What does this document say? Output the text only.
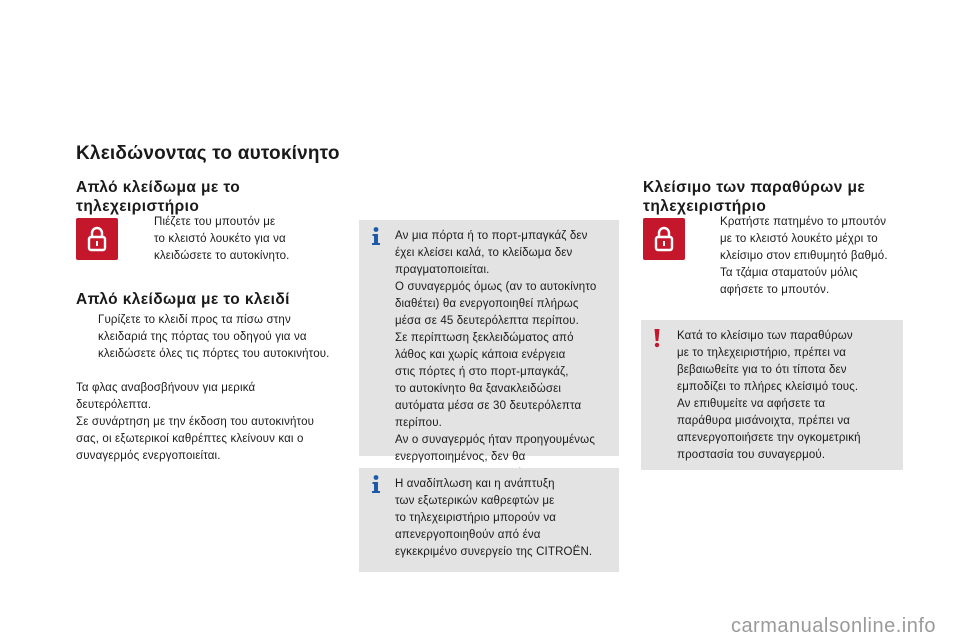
Κλειδώνοντας το αυτοκίνητο
Απλό κλείδωμα με το
τηλεχειριστήριο
Πιέζετε του μπουτόν με
το κλειστό λουκέτο για να
κλειδώσετε το αυτοκίνητο.
Απλό κλείδωμα με το κλειδί
Γυρίζετε το κλειδί προς τα πίσω στην
κλειδαριά της πόρτας του οδηγού για να
κλειδώσετε όλες τις πόρτες του αυτοκινήτου.
Τα φλας αναβοσβήνουν για μερικά
δευτερόλεπτα.
Σε συνάρτηση με την έκδοση του αυτοκινήτου
σας, οι εξωτερικοί καθρέπτες κλείνουν και ο
συναγερμός ενεργοποιείται.
Αν μια πόρτα ή το πορτ-μπαγκάζ δεν
έχει κλείσει καλά, το κλείδωμα δεν
πραγματοποιείται.
Ο συναγερμός όμως (αν το αυτοκίνητο
διαθέτει) θα ενεργοποιηθεί πλήρως
μέσα σε 45 δευτερόλεπτα περίπου.
Σε περίπτωση ξεκλειδώματος από
λάθος και χωρίς κάποια ενέργεια
στις πόρτες ή στο πορτ-μπαγκάζ,
το αυτοκίνητο θα ξανακλειδώσει
αυτόματα μέσα σε 30 δευτερόλεπτα
περίπου.
Αν ο συναγερμός ήταν προηγουμένως
ενεργοποιημένος, δεν θα
Η αναδίπλωση και η ανάπτυξη
των εξωτερικών καθρεφτών με
το τηλεχειριστήριο μπορούν να
απενεργοποιηθούν από ένα
εγκεκριμένο συνεργείο της CITROËN.
Κλείσιμο των παραθύρων με
τηλεχειριστήριο
Κρατήστε πατημένο το μπουτόν
με το κλειστό λουκέτο μέχρι το
κλείσιμο στον επιθυμητό βαθμό.
Τα τζάμια σταματούν μόλις
αφήσετε το μπουτόν.
Κατά το κλείσιμο των παραθύρων
με το τηλεχειριστήριο, πρέπει να
βεβαιωθείτε για το ότι τίποτα δεν
εμποδίζει το πλήρες κλείσιμό τους.
Αν επιθυμείτε να αφήσετε τα
παράθυρα μισάνοιχτα, πρέπει να
απενεργοποιήσετε την ογκομετρική
προστασία του συναγερμού.
carmanualsonline.info
